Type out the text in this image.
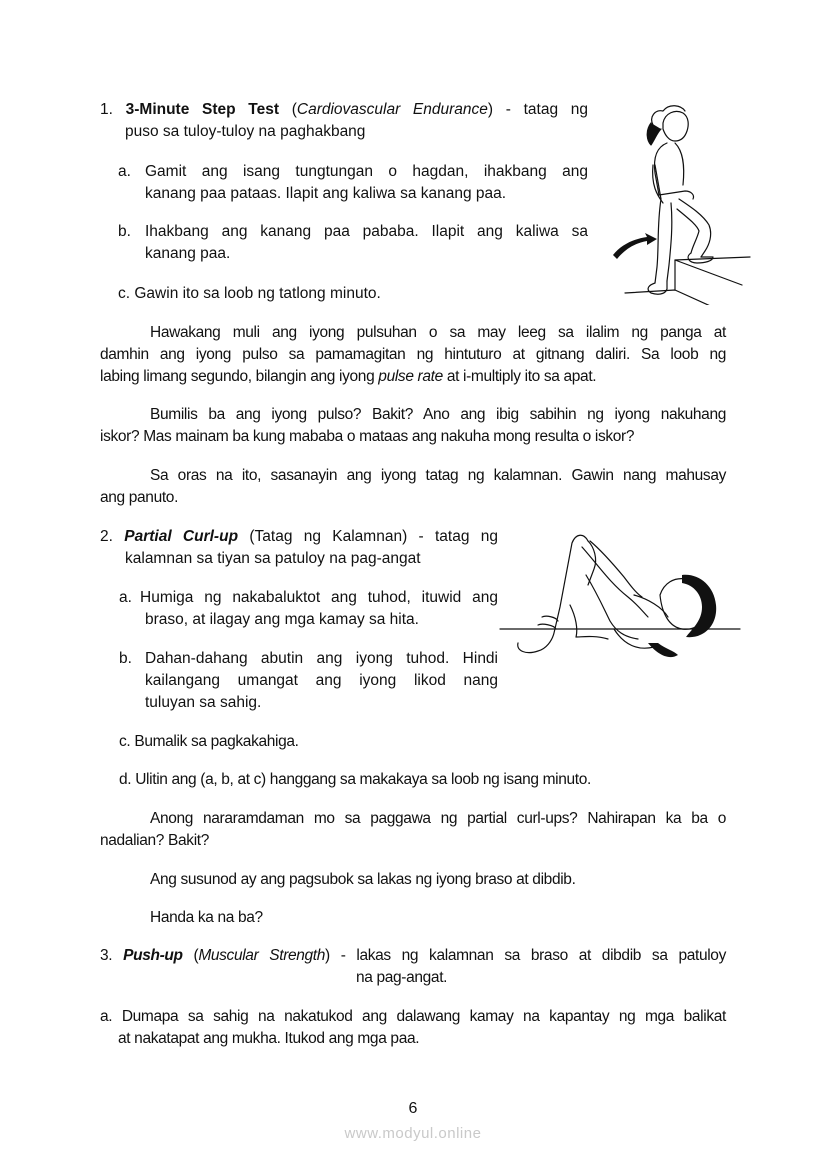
1. 3-Minute Step Test (Cardiovascular Endurance) - tatag ng
puso sa tuloy-tuloy na paghakbang
a. Gamit ang isang tungtungan o hagdan, ihakbang ang
kanang paa pataas. Ilapit ang kaliwa sa kanang paa.
b. Ihakbang ang kanang paa pababa. Ilapit ang kaliwa sa
kanang paa.
c. Gawin ito sa loob ng tatlong minuto.
Hawakang muli ang iyong pulsuhan o sa may leeg sa ilalim ng panga at
damhin ang iyong pulso sa pamamagitan ng hintuturo at gitnang daliri. Sa loob ng
labing limang segundo, bilangin ang iyong pulse rate at i-multiply ito sa apat.
Bumilis ba ang iyong pulso? Bakit? Ano ang ibig sabihin ng iyong nakuhang
iskor? Mas mainam ba kung mababa o mataas ang nakuha mong resulta o iskor?
Sa oras na ito, sasanayin ang iyong tatag ng kalamnan. Gawin nang mahusay
ang panuto.
2. Partial Curl-up (Tatag ng Kalamnan) - tatag ng
kalamnan sa tiyan sa patuloy na pag-angat
a. Humiga ng nakabaluktot ang tuhod, ituwid ang
braso, at ilagay ang mga kamay sa hita.
b. Dahan-dahang abutin ang iyong tuhod. Hindi
kailangang umangat ang iyong likod nang
tuluyan sa sahig.
c. Bumalik sa pagkakahiga.
d. Ulitin ang (a, b, at c) hanggang sa makakaya sa loob ng isang minuto.
Anong nararamdaman mo sa paggawa ng partial curl-ups? Nahirapan ka ba o
nadalian? Bakit?
Ang susunod ay ang pagsubok sa lakas ng iyong braso at dibdib.
Handa ka na ba?
3. Push-up (Muscular Strength) - lakas ng kalamnan sa braso at dibdib sa patuloy
na pag-angat.
a. Dumapa sa sahig na nakatukod ang dalawang kamay na kapantay ng mga balikat
at nakatapat ang mukha. Itukod ang mga paa.
6
www.modyul.online
